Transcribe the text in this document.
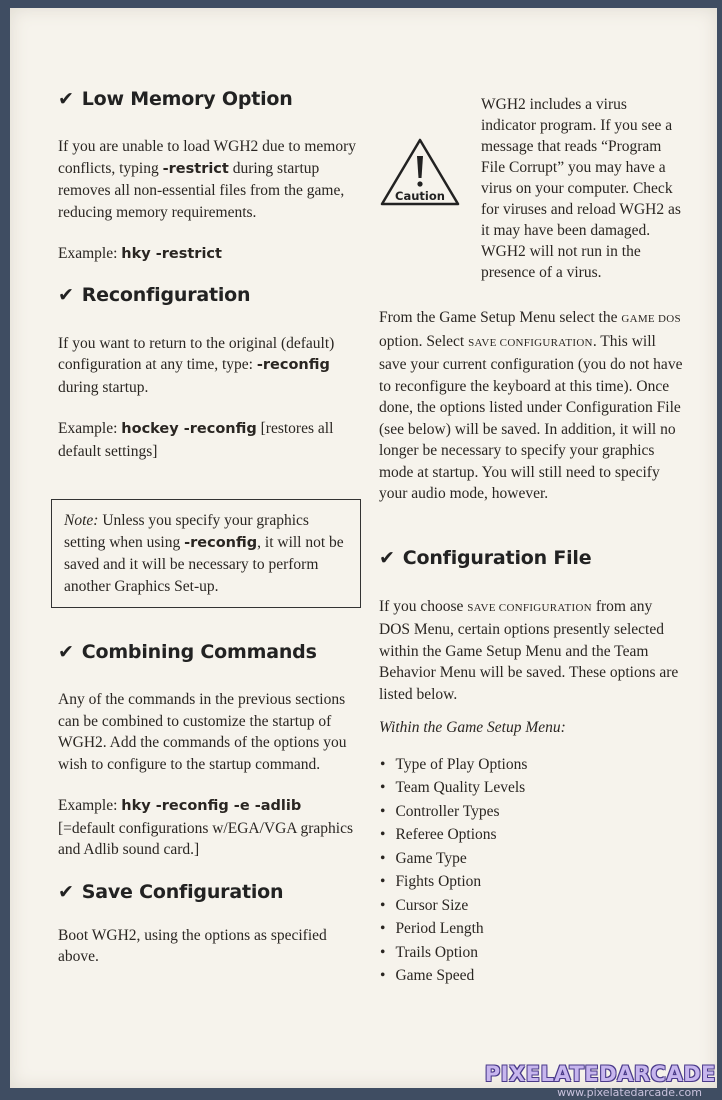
✔ Low Memory Option

If you are unable to load WGH2 due to memory conflicts, typing -restrict during startup removes all non-essential files from the game, reducing memory requirements.

Example: hky -restrict

✔ Reconfiguration

If you want to return to the original (default) configuration at any time, type: -reconfig during startup.

Example: hockey -reconfig [restores all default settings]

Note: Unless you specify your graphics setting when using -reconfig, it will not be saved and it will be necessary to perform another Graphics Set-up.

✔ Combining Commands

Any of the commands in the previous sections can be combined to customize the startup of WGH2. Add the commands of the options you wish to configure to the startup command.

Example: hky -reconfig -e -adlib
[=default configurations w/EGA/VGA graphics and Adlib sound card.]

✔ Save Configuration

Boot WGH2, using the options as specified above.

Caution

WGH2 includes a virus indicator program. If you see a message that reads “Program File Corrupt” you may have a virus on your computer. Check for viruses and reload WGH2 as it may have been damaged. WGH2 will not run in the presence of a virus.

From the Game Setup Menu select the GAME DOS option. Select SAVE CONFIGURATION. This will save your current configuration (you do not have to reconfigure the keyboard at this time). Once done, the options listed under Configuration File (see below) will be saved. In addition, it will no longer be necessary to specify your graphics mode at startup. You will still need to specify your audio mode, however.

✔ Configuration File

If you choose SAVE CONFIGURATION from any DOS Menu, certain options presently selected within the Game Setup Menu and the Team Behavior Menu will be saved. These options are listed below.

Within the Game Setup Menu:

• Type of Play Options
• Team Quality Levels
• Controller Types
• Referee Options
• Game Type
• Fights Option
• Cursor Size
• Period Length
• Trails Option
• Game Speed
PIXELATEDARCADE
www.pixelatedarcade.com
